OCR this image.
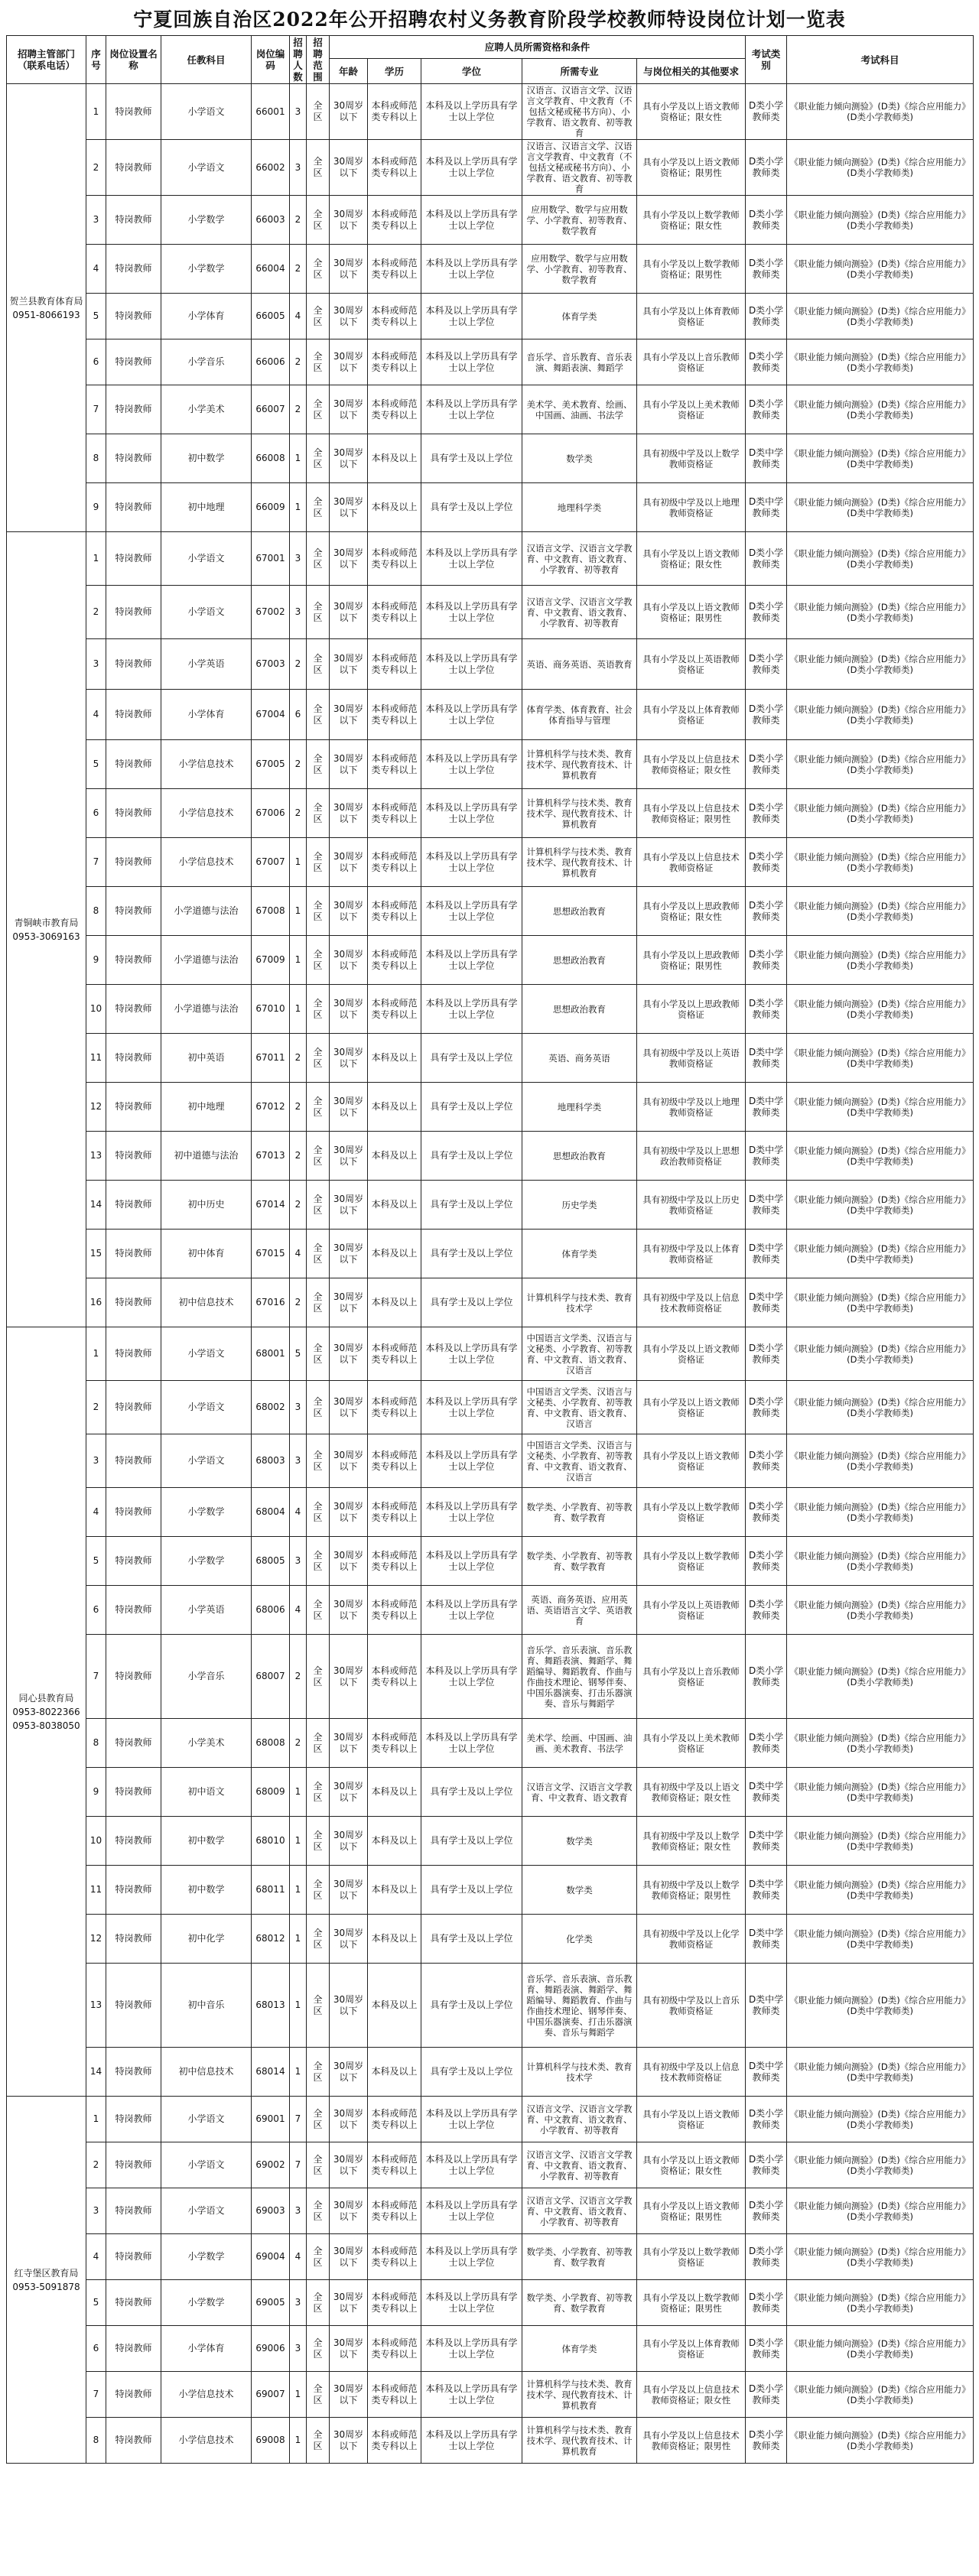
宁夏回族自治区2022年公开招聘农村义务教育阶段学校教师特设岗位计划一览表
招聘主管部门（联系电话）	序号	岗位设置名称	任教科目	岗位编码	招聘人数	招聘范围	应聘人员所需资格和条件					考试类别	考试科目
							年龄	学历	学位	所需专业	与岗位相关的其他要求		
贺兰县教育体育局 0951-8066193	1	特岗教师	小学语文	66001	3	全区	30周岁以下	本科或师范类专科以上	本科及以上学历具有学士以上学位	汉语言、汉语言文学、汉语言文学教育、中文教育（不包括文秘或秘书方向）、小学教育、语文教育、初等教育	具有小学及以上语文教师资格证；限女性	D类小学教师类	《职业能力倾向测验》(D类)《综合应用能力》(D类小学教师类)
	2	特岗教师	小学语文	66002	3	全区	30周岁以下	本科或师范类专科以上	本科及以上学历具有学士以上学位	汉语言、汉语言文学、汉语言文学教育、中文教育（不包括文秘或秘书方向）、小学教育、语文教育、初等教育	具有小学及以上语文教师资格证；限男性	D类小学教师类	《职业能力倾向测验》(D类)《综合应用能力》(D类小学教师类)
	3	特岗教师	小学数学	66003	2	全区	30周岁以下	本科或师范类专科以上	本科及以上学历具有学士以上学位	应用数学、数学与应用数学、小学教育、初等教育、数学教育	具有小学及以上数学教师资格证；限女性	D类小学教师类	《职业能力倾向测验》(D类)《综合应用能力》(D类小学教师类)
	4	特岗教师	小学数学	66004	2	全区	30周岁以下	本科或师范类专科以上	本科及以上学历具有学士以上学位	应用数学、数学与应用数学、小学教育、初等教育、数学教育	具有小学及以上数学教师资格证；限男性	D类小学教师类	《职业能力倾向测验》(D类)《综合应用能力》(D类小学教师类)
	5	特岗教师	小学体育	66005	4	全区	30周岁以下	本科或师范类专科以上	本科及以上学历具有学士以上学位	体育学类	具有小学及以上体育教师资格证	D类小学教师类	《职业能力倾向测验》(D类)《综合应用能力》(D类小学教师类)
	6	特岗教师	小学音乐	66006	2	全区	30周岁以下	本科或师范类专科以上	本科及以上学历具有学士以上学位	音乐学、音乐教育、音乐表演、舞蹈表演、舞蹈学	具有小学及以上音乐教师资格证	D类小学教师类	《职业能力倾向测验》(D类)《综合应用能力》(D类小学教师类)
	7	特岗教师	小学美术	66007	2	全区	30周岁以下	本科或师范类专科以上	本科及以上学历具有学士以上学位	美术学、美术教育、绘画、中国画、油画、书法学	具有小学及以上美术教师资格证	D类小学教师类	《职业能力倾向测验》(D类)《综合应用能力》(D类小学教师类)
	8	特岗教师	初中数学	66008	1	全区	30周岁以下	本科及以上	具有学士及以上学位	数学类	具有初级中学及以上数学教师资格证	D类中学教师类	《职业能力倾向测验》(D类)《综合应用能力》(D类中学教师类)
	9	特岗教师	初中地理	66009	1	全区	30周岁以下	本科及以上	具有学士及以上学位	地理科学类	具有初级中学及以上地理教师资格证	D类中学教师类	《职业能力倾向测验》(D类)《综合应用能力》(D类中学教师类)
青铜峡市教育局 0953-3069163	1	特岗教师	小学语文	67001	3	全区	30周岁以下	本科或师范类专科以上	本科及以上学历具有学士以上学位	汉语言文学、汉语言文学教育、中文教育、语文教育、小学教育、初等教育	具有小学及以上语文教师资格证；限女性	D类小学教师类	《职业能力倾向测验》(D类)《综合应用能力》(D类小学教师类)
	2	特岗教师	小学语文	67002	3	全区	30周岁以下	本科或师范类专科以上	本科及以上学历具有学士以上学位	汉语言文学、汉语言文学教育、中文教育、语文教育、小学教育、初等教育	具有小学及以上语文教师资格证；限男性	D类小学教师类	《职业能力倾向测验》(D类)《综合应用能力》(D类小学教师类)
	3	特岗教师	小学英语	67003	2	全区	30周岁以下	本科或师范类专科以上	本科及以上学历具有学士以上学位	英语、商务英语、英语教育	具有小学及以上英语教师资格证	D类小学教师类	《职业能力倾向测验》(D类)《综合应用能力》(D类小学教师类)
	4	特岗教师	小学体育	67004	6	全区	30周岁以下	本科或师范类专科以上	本科及以上学历具有学士以上学位	体育学类、体育教育、社会体育指导与管理	具有小学及以上体育教师资格证	D类小学教师类	《职业能力倾向测验》(D类)《综合应用能力》(D类小学教师类)
	5	特岗教师	小学信息技术	67005	2	全区	30周岁以下	本科或师范类专科以上	本科及以上学历具有学士以上学位	计算机科学与技术类、教育技术学、现代教育技术、计算机教育	具有小学及以上信息技术教师资格证；限女性	D类小学教师类	《职业能力倾向测验》(D类)《综合应用能力》(D类小学教师类)
	6	特岗教师	小学信息技术	67006	2	全区	30周岁以下	本科或师范类专科以上	本科及以上学历具有学士以上学位	计算机科学与技术类、教育技术学、现代教育技术、计算机教育	具有小学及以上信息技术教师资格证；限男性	D类小学教师类	《职业能力倾向测验》(D类)《综合应用能力》(D类小学教师类)
	7	特岗教师	小学信息技术	67007	1	全区	30周岁以下	本科或师范类专科以上	本科及以上学历具有学士以上学位	计算机科学与技术类、教育技术学、现代教育技术、计算机教育	具有小学及以上信息技术教师资格证	D类小学教师类	《职业能力倾向测验》(D类)《综合应用能力》(D类小学教师类)
	8	特岗教师	小学道德与法治	67008	1	全区	30周岁以下	本科或师范类专科以上	本科及以上学历具有学士以上学位	思想政治教育	具有小学及以上思政教师资格证；限女性	D类小学教师类	《职业能力倾向测验》(D类)《综合应用能力》(D类小学教师类)
	9	特岗教师	小学道德与法治	67009	1	全区	30周岁以下	本科或师范类专科以上	本科及以上学历具有学士以上学位	思想政治教育	具有小学及以上思政教师资格证；限男性	D类小学教师类	《职业能力倾向测验》(D类)《综合应用能力》(D类小学教师类)
	10	特岗教师	小学道德与法治	67010	1	全区	30周岁以下	本科或师范类专科以上	本科及以上学历具有学士以上学位	思想政治教育	具有小学及以上思政教师资格证	D类小学教师类	《职业能力倾向测验》(D类)《综合应用能力》(D类小学教师类)
	11	特岗教师	初中英语	67011	2	全区	30周岁以下	本科及以上	具有学士及以上学位	英语、商务英语	具有初级中学及以上英语教师资格证	D类中学教师类	《职业能力倾向测验》(D类)《综合应用能力》(D类中学教师类)
	12	特岗教师	初中地理	67012	2	全区	30周岁以下	本科及以上	具有学士及以上学位	地理科学类	具有初级中学及以上地理教师资格证	D类中学教师类	《职业能力倾向测验》(D类)《综合应用能力》(D类中学教师类)
	13	特岗教师	初中道德与法治	67013	2	全区	30周岁以下	本科及以上	具有学士及以上学位	思想政治教育	具有初级中学及以上思想政治教师资格证	D类中学教师类	《职业能力倾向测验》(D类)《综合应用能力》(D类中学教师类)
	14	特岗教师	初中历史	67014	2	全区	30周岁以下	本科及以上	具有学士及以上学位	历史学类	具有初级中学及以上历史教师资格证	D类中学教师类	《职业能力倾向测验》(D类)《综合应用能力》(D类中学教师类)
	15	特岗教师	初中体育	67015	4	全区	30周岁以下	本科及以上	具有学士及以上学位	体育学类	具有初级中学及以上体育教师资格证	D类中学教师类	《职业能力倾向测验》(D类)《综合应用能力》(D类中学教师类)
	16	特岗教师	初中信息技术	67016	2	全区	30周岁以下	本科及以上	具有学士及以上学位	计算机科学与技术类、教育技术学	具有初级中学及以上信息技术教师资格证	D类中学教师类	《职业能力倾向测验》(D类)《综合应用能力》(D类中学教师类)
同心县教育局 0953-8022366 0953-8038050	1	特岗教师	小学语文	68001	5	全区	30周岁以下	本科或师范类专科以上	本科及以上学历具有学士以上学位	中国语言文学类、汉语言与文秘类、小学教育、初等教育、中文教育、语文教育、汉语言	具有小学及以上语文教师资格证	D类小学教师类	《职业能力倾向测验》(D类)《综合应用能力》(D类小学教师类)
	2	特岗教师	小学语文	68002	3	全区	30周岁以下	本科或师范类专科以上	本科及以上学历具有学士以上学位	中国语言文学类、汉语言与文秘类、小学教育、初等教育、中文教育、语文教育、汉语言	具有小学及以上语文教师资格证	D类小学教师类	《职业能力倾向测验》(D类)《综合应用能力》(D类小学教师类)
	3	特岗教师	小学语文	68003	3	全区	30周岁以下	本科或师范类专科以上	本科及以上学历具有学士以上学位	中国语言文学类、汉语言与文秘类、小学教育、初等教育、中文教育、语文教育、汉语言	具有小学及以上语文教师资格证	D类小学教师类	《职业能力倾向测验》(D类)《综合应用能力》(D类小学教师类)
	4	特岗教师	小学数学	68004	4	全区	30周岁以下	本科或师范类专科以上	本科及以上学历具有学士以上学位	数学类、小学教育、初等教育、数学教育	具有小学及以上数学教师资格证	D类小学教师类	《职业能力倾向测验》(D类)《综合应用能力》(D类小学教师类)
	5	特岗教师	小学数学	68005	3	全区	30周岁以下	本科或师范类专科以上	本科及以上学历具有学士以上学位	数学类、小学教育、初等教育、数学教育	具有小学及以上数学教师资格证	D类小学教师类	《职业能力倾向测验》(D类)《综合应用能力》(D类小学教师类)
	6	特岗教师	小学英语	68006	4	全区	30周岁以下	本科或师范类专科以上	本科及以上学历具有学士以上学位	英语、商务英语、应用英语、英语语言文学、英语教育	具有小学及以上英语教师资格证	D类小学教师类	《职业能力倾向测验》(D类)《综合应用能力》(D类小学教师类)
	7	特岗教师	小学音乐	68007	2	全区	30周岁以下	本科或师范类专科以上	本科及以上学历具有学士以上学位	音乐学、音乐表演、音乐教育、舞蹈表演、舞蹈学、舞蹈编导、舞蹈教育、作曲与作曲技术理论、钢琴伴奏、中国乐器演奏、打击乐器演奏、音乐与舞蹈学	具有小学及以上音乐教师资格证	D类小学教师类	《职业能力倾向测验》(D类)《综合应用能力》(D类小学教师类)
	8	特岗教师	小学美术	68008	2	全区	30周岁以下	本科或师范类专科以上	本科及以上学历具有学士以上学位	美术学、绘画、中国画、油画、美术教育、书法学	具有小学及以上美术教师资格证	D类小学教师类	《职业能力倾向测验》(D类)《综合应用能力》(D类小学教师类)
	9	特岗教师	初中语文	68009	1	全区	30周岁以下	本科及以上	具有学士及以上学位	汉语言文学、汉语言文学教育、中文教育、语文教育	具有初级中学及以上语文教师资格证；限女性	D类中学教师类	《职业能力倾向测验》(D类)《综合应用能力》(D类中学教师类)
	10	特岗教师	初中数学	68010	1	全区	30周岁以下	本科及以上	具有学士及以上学位	数学类	具有初级中学及以上数学教师资格证；限女性	D类中学教师类	《职业能力倾向测验》(D类)《综合应用能力》(D类中学教师类)
	11	特岗教师	初中数学	68011	1	全区	30周岁以下	本科及以上	具有学士及以上学位	数学类	具有初级中学及以上数学教师资格证；限男性	D类中学教师类	《职业能力倾向测验》(D类)《综合应用能力》(D类中学教师类)
	12	特岗教师	初中化学	68012	1	全区	30周岁以下	本科及以上	具有学士及以上学位	化学类	具有初级中学及以上化学教师资格证	D类中学教师类	《职业能力倾向测验》(D类)《综合应用能力》(D类中学教师类)
	13	特岗教师	初中音乐	68013	1	全区	30周岁以下	本科及以上	具有学士及以上学位	音乐学、音乐表演、音乐教育、舞蹈表演、舞蹈学、舞蹈编导、舞蹈教育、作曲与作曲技术理论、钢琴伴奏、中国乐器演奏、打击乐器演奏、音乐与舞蹈学	具有初级中学及以上音乐教师资格证	D类中学教师类	《职业能力倾向测验》(D类)《综合应用能力》(D类中学教师类)
	14	特岗教师	初中信息技术	68014	1	全区	30周岁以下	本科及以上	具有学士及以上学位	计算机科学与技术类、教育技术学	具有初级中学及以上信息技术教师资格证	D类中学教师类	《职业能力倾向测验》(D类)《综合应用能力》(D类中学教师类)
红寺堡区教育局 0953-5091878	1	特岗教师	小学语文	69001	7	全区	30周岁以下	本科或师范类专科以上	本科及以上学历具有学士以上学位	汉语言文学、汉语言文学教育、中文教育、语文教育、小学教育、初等教育	具有小学及以上语文教师资格证	D类小学教师类	《职业能力倾向测验》(D类)《综合应用能力》(D类小学教师类)
	2	特岗教师	小学语文	69002	7	全区	30周岁以下	本科或师范类专科以上	本科及以上学历具有学士以上学位	汉语言文学、汉语言文学教育、中文教育、语文教育、小学教育、初等教育	具有小学及以上语文教师资格证；限女性	D类小学教师类	《职业能力倾向测验》(D类)《综合应用能力》(D类小学教师类)
	3	特岗教师	小学语文	69003	3	全区	30周岁以下	本科或师范类专科以上	本科及以上学历具有学士以上学位	汉语言文学、汉语言文学教育、中文教育、语文教育、小学教育、初等教育	具有小学及以上语文教师资格证；限男性	D类小学教师类	《职业能力倾向测验》(D类)《综合应用能力》(D类小学教师类)
	4	特岗教师	小学数学	69004	4	全区	30周岁以下	本科或师范类专科以上	本科及以上学历具有学士以上学位	数学类、小学教育、初等教育、数学教育	具有小学及以上数学教师资格证	D类小学教师类	《职业能力倾向测验》(D类)《综合应用能力》(D类小学教师类)
	5	特岗教师	小学数学	69005	3	全区	30周岁以下	本科或师范类专科以上	本科及以上学历具有学士以上学位	数学类、小学教育、初等教育、数学教育	具有小学及以上数学教师资格证；限男性	D类小学教师类	《职业能力倾向测验》(D类)《综合应用能力》(D类小学教师类)
	6	特岗教师	小学体育	69006	3	全区	30周岁以下	本科或师范类专科以上	本科及以上学历具有学士以上学位	体育学类	具有小学及以上体育教师资格证	D类小学教师类	《职业能力倾向测验》(D类)《综合应用能力》(D类小学教师类)
	7	特岗教师	小学信息技术	69007	1	全区	30周岁以下	本科或师范类专科以上	本科及以上学历具有学士以上学位	计算机科学与技术类、教育技术学、现代教育技术、计算机教育	具有小学及以上信息技术教师资格证；限女性	D类小学教师类	《职业能力倾向测验》(D类)《综合应用能力》(D类小学教师类)
	8	特岗教师	小学信息技术	69008	1	全区	30周岁以下	本科或师范类专科以上	本科及以上学历具有学士以上学位	计算机科学与技术类、教育技术学、现代教育技术、计算机教育	具有小学及以上信息技术教师资格证；限男性	D类小学教师类	《职业能力倾向测验》(D类)《综合应用能力》(D类小学教师类)
